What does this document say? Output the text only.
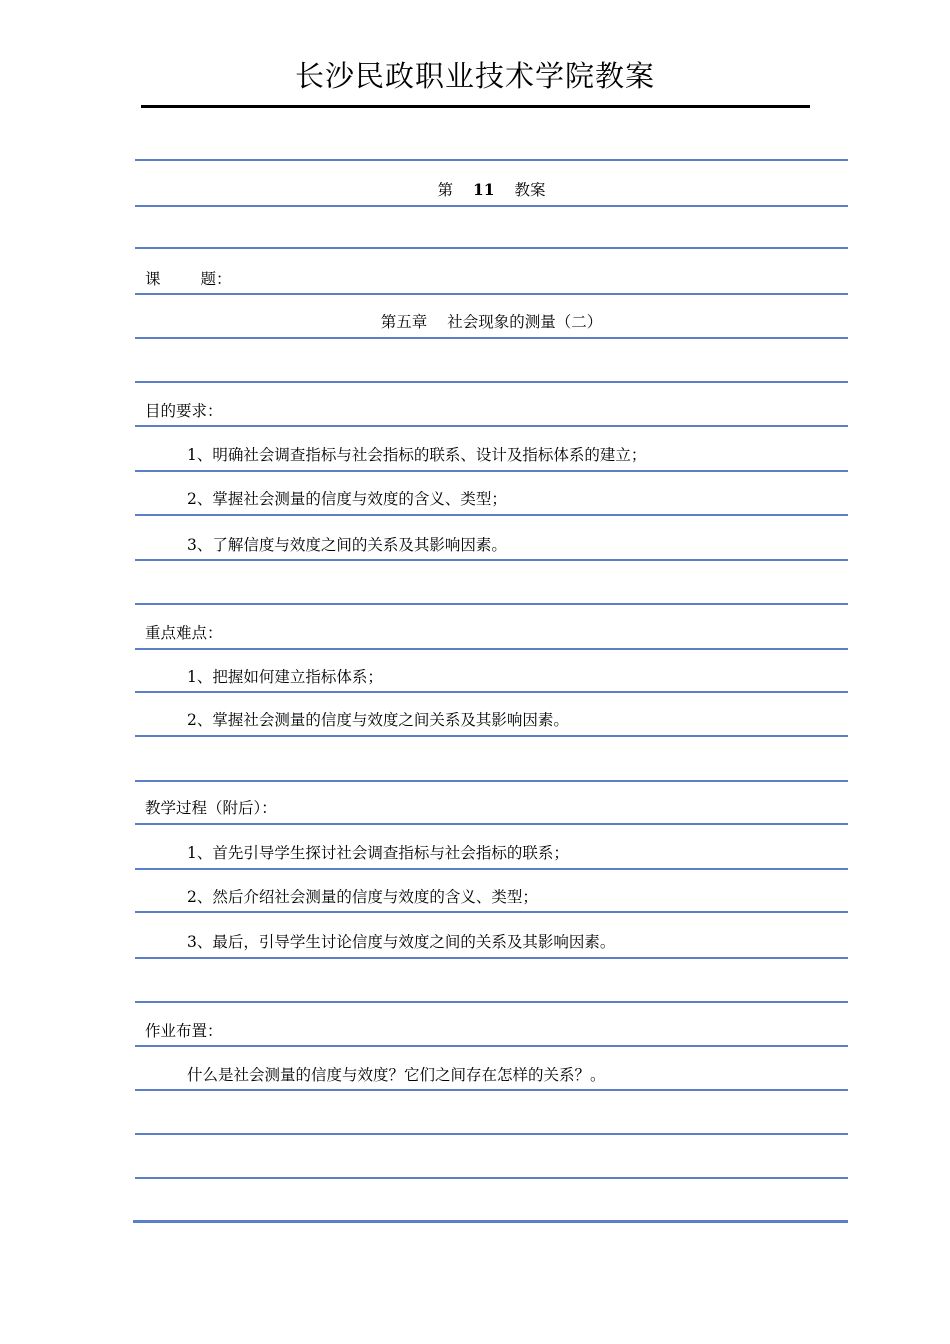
长沙民政职业技术学院教案
第 11 教案
课	题：
第五章 社会现象的测量（二）
目的要求：
1、明确社会调查指标与社会指标的联系、设计及指标体系的建立；
2、掌握社会测量的信度与效度的含义、类型；
3、了解信度与效度之间的关系及其影响因素。
重点难点：
1、把握如何建立指标体系；
2、掌握社会测量的信度与效度之间关系及其影响因素。
教学过程（附后）：
1、首先引导学生探讨社会调查指标与社会指标的联系；
2、然后介绍社会测量的信度与效度的含义、类型；
3、最后，引导学生讨论信度与效度之间的关系及其影响因素。
作业布置：
什么是社会测量的信度与效度？它们之间存在怎样的关系？。
